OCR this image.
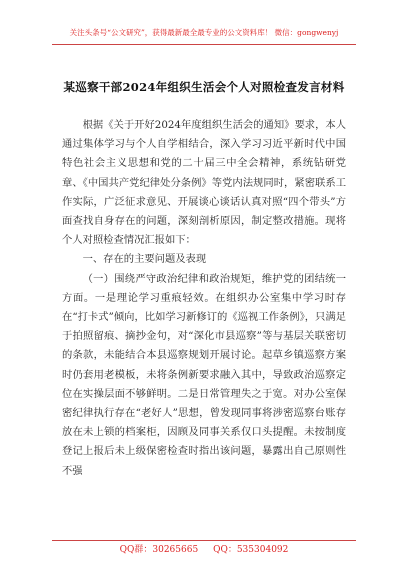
关注头条号“公文研究”，获得最新最全最专业的公文资料库！ 微信：gongwenyj
某巡察干部2024年组织生活会个人对照检查发言材料

根据《关于开好2024年度组织生活会的通知》要求，本人通过集体学习与个人自学相结合，深入学习习近平新时代中国特色社会主义思想和党的二十届三中全会精神，系统钻研党章、《中国共产党纪律处分条例》等党内法规同时，紧密联系工作实际，广泛征求意见、开展谈心谈话认真对照“四个带头”方面查找自身存在的问题，深刻剖析原因，制定整改措施。现将个人对照检查情况汇报如下：

一、存在的主要问题及表现

（一）围绕严守政治纪律和政治规矩，维护党的团结统一方面。一是理论学习重痕轻效。在组织办公室集中学习时存在“打卡式”倾向，比如学习新修订的《巡视工作条例》，只满足于拍照留痕、摘抄金句，对“深化市县巡察”等与基层关联密切的条款，未能结合本县巡察规划开展讨论。起草乡镇巡察方案时仍套用老模板，未将条例新要求融入其中，导致政治巡察定位在实操层面不够鲜明。二是日常管理失之于宽。对办公室保密纪律执行存在“老好人”思想，曾发现同事将涉密巡察台账存放在未上锁的档案柜，因顾及同事关系仅口头提醒。未按制度登记上报后未上级保密检查时指出该问题，暴露出自己原则性不强

QQ群：30265665 QQ：535304092
